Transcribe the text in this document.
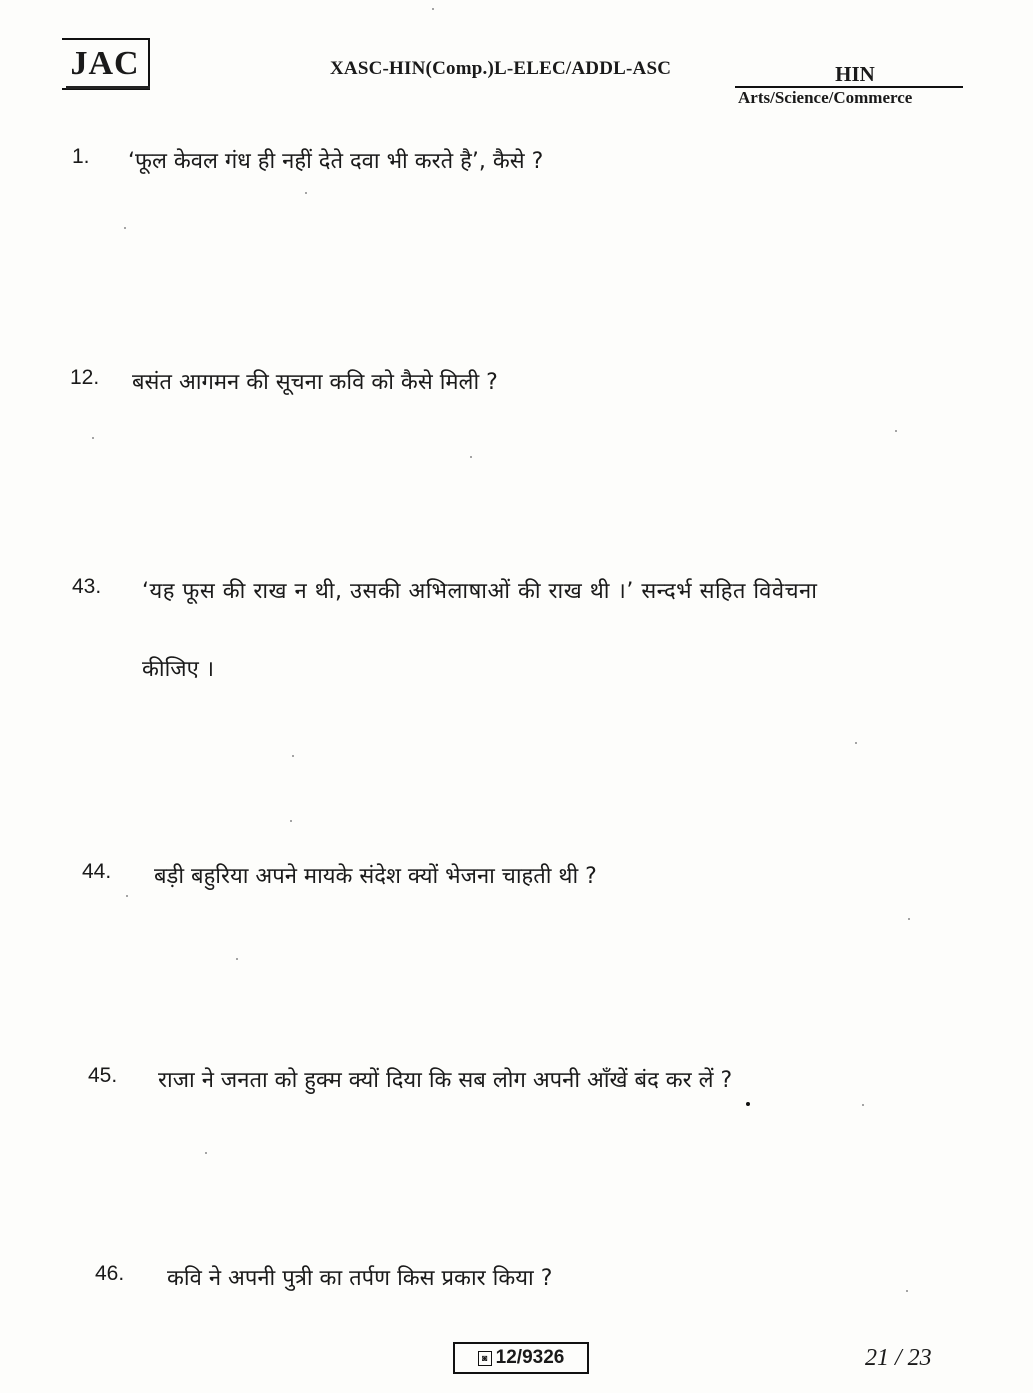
JAC	XASC-HIN(Comp.)L-ELEC/ADDL-ASC	HIN
Arts/Science/Commerce
1.	‘फूल केवल गंध ही नहीं देते दवा भी करते है’, कैसे ?
12.	बसंत आगमन की सूचना कवि को कैसे मिली ?
43.	‘यह फूस की राख न थी, उसकी अभिलाषाओं की राख थी ।’ सन्दर्भ सहित विवेचना
कीजिए ।
44.	बड़ी बहुरिया अपने मायके संदेश क्यों भेजना चाहती थी ?
45.	राजा ने जनता को हुक्म क्यों दिया कि सब लोग अपनी आँखें बंद कर लें ?
46.	कवि ने अपनी पुत्री का तर्पण किस प्रकार किया ?
◙ 12/9326	21 / 23
